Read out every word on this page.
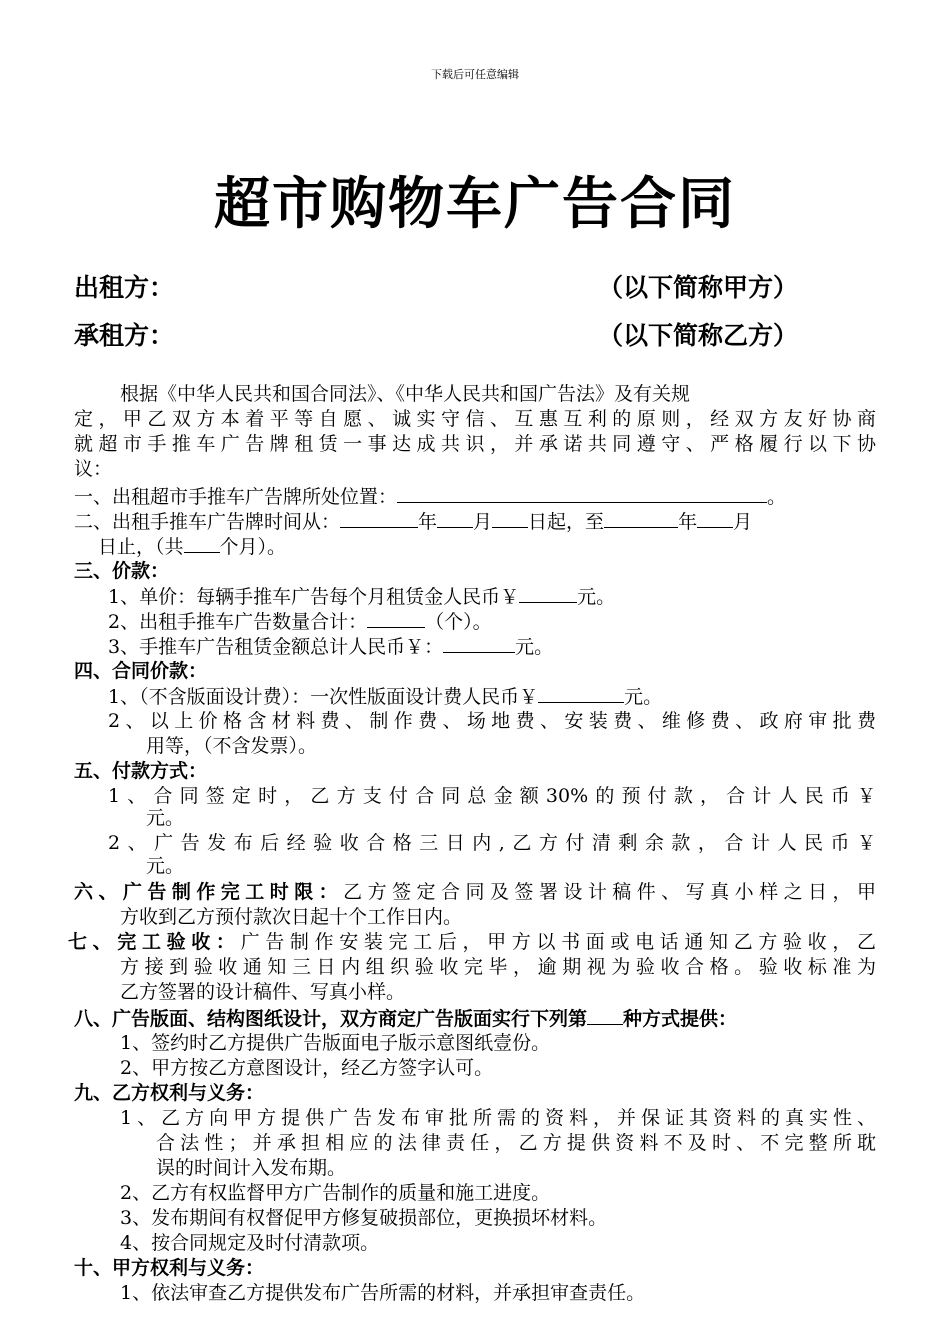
下载后可任意编辑
超市购物车广告合同
出租方：	（以下简称甲方）
承租方：	（以下简称乙方）
根据《中华人民共和国合同法》、《中华人民共和国广告法》及有关规
定，甲乙双方本着平等自愿、诚实守信、互惠互利的原则，经双方友好协商
就超市手推车广告牌租赁一事达成共识，并承诺共同遵守、严格履行以下协
议：
一、出租超市手推车广告牌所处位置：	。
二、出租手推车广告牌时间从：	年 月 日起，至	年 月
日止，（共 个月）。
三、价款：
1、单价：每辆手推车广告每个月租赁金人民币￥	元。
2、出租手推车广告数量合计：	（个）。
3、手推车广告租赁金额总计人民币￥：	元。
四、合同价款：
1、（不含版面设计费）：一次性版面设计费人民币￥	元。
2、以上价格含材料费、制作费、场地费、安装费、维修费、政府审批费
用等，（不含发票）。
五、付款方式：
1、合同签定时，乙方支付合同总金额30%的预付款，合计人民币￥
元。
2、广告发布后经验收合格三日内,乙方付清剩余款，合计人民币￥
元。
六、广告制作完工时限：乙方签定合同及签署设计稿件、写真小样之日，甲
方收到乙方预付款次日起十个工作日内。
七、完工验收：广告制作安装完工后，甲方以书面或电话通知乙方验收，乙
方接到验收通知三日内组织验收完毕，逾期视为验收合格。验收标准为
乙方签署的设计稿件、写真小样。
八、广告版面、结构图纸设计，双方商定广告版面实行下列第 种方式提供：
1、签约时乙方提供广告版面电子版示意图纸壹份。
2、甲方按乙方意图设计，经乙方签字认可。
九、乙方权利与义务：
1、乙方向甲方提供广告发布审批所需的资料，并保证其资料的真实性、
合法性；并承担相应的法律责任，乙方提供资料不及时、不完整所耽
误的时间计入发布期。
2、乙方有权监督甲方广告制作的质量和施工进度。
3、发布期间有权督促甲方修复破损部位，更换损坏材料。
4、按合同规定及时付清款项。
十、甲方权利与义务：
1、依法审查乙方提供发布广告所需的材料，并承担审查责任。
